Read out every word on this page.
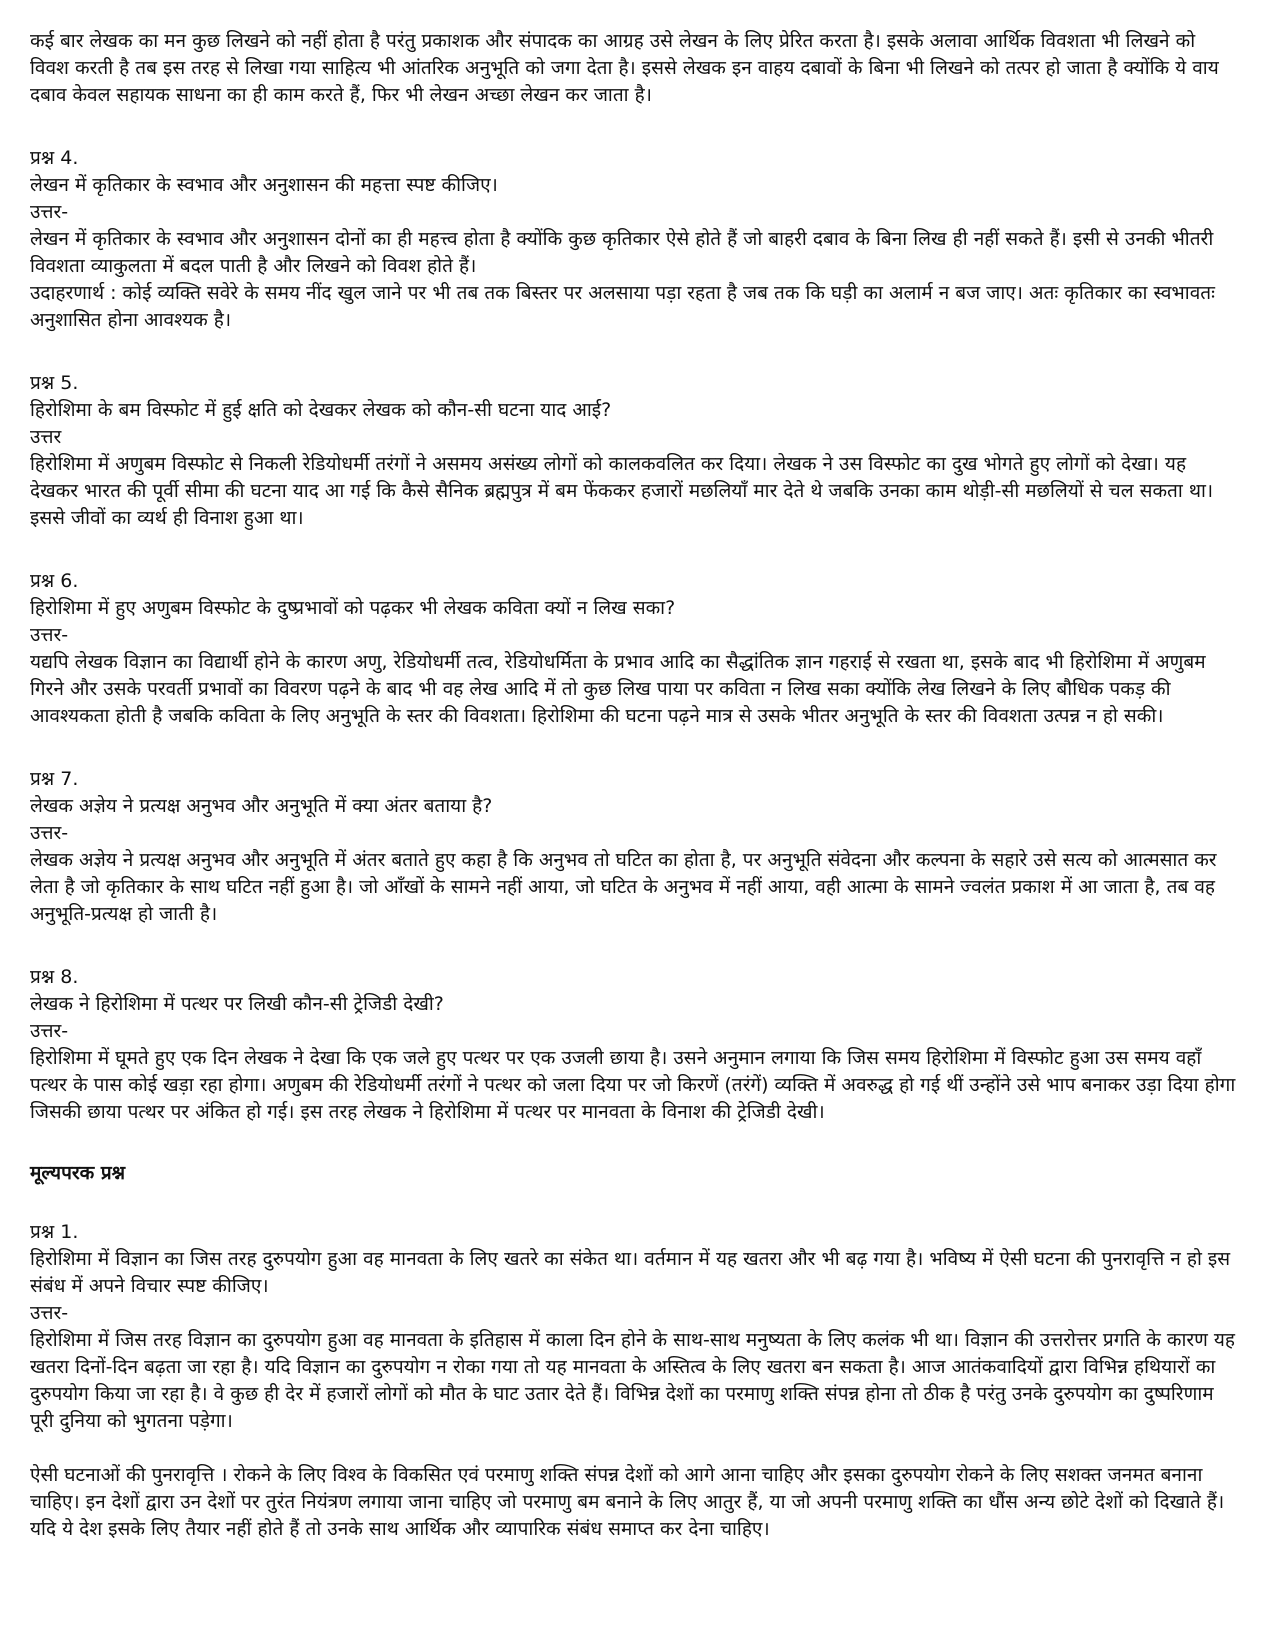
कई बार लेखक का मन कुछ लिखने को नहीं होता है परंतु प्रकाशक और संपादक का आग्रह उसे लेखन के लिए प्रेरित करता है। इसके अलावा आर्थिक विवशता भी लिखने को विवश करती है तब इस तरह से लिखा गया साहित्य भी आंतरिक अनुभूति को जगा देता है। इससे लेखक इन वाहय दबावों के बिना भी लिखने को तत्पर हो जाता है क्योंकि ये वाय दबाव केवल सहायक साधना का ही काम करते हैं, फिर भी लेखन अच्छा लेखन कर जाता है।

प्रश्न 4.

लेखन में कृतिकार के स्वभाव और अनुशासन की महत्ता स्पष्ट कीजिए।

उत्तर-

लेखन में कृतिकार के स्वभाव और अनुशासन दोनों का ही महत्त्व होता है क्योंकि कुछ कृतिकार ऐसे होते हैं जो बाहरी दबाव के बिना लिख ही नहीं सकते हैं। इसी से उनकी भीतरी विवशता व्याकुलता में बदल पाती है और लिखने को विवश होते हैं।

उदाहरणार्थ : कोई व्यक्ति सवेरे के समय नींद खुल जाने पर भी तब तक बिस्तर पर अलसाया पड़ा रहता है जब तक कि घड़ी का अलार्म न बज जाए। अतः कृतिकार का स्वभावतः अनुशासित होना आवश्यक है।

प्रश्न 5.

हिरोशिमा के बम विस्फोट में हुई क्षति को देखकर लेखक को कौन-सी घटना याद आई?

उत्तर

हिरोशिमा में अणुबम विस्फोट से निकली रेडियोधर्मी तरंगों ने असमय असंख्य लोगों को कालकवलित कर दिया। लेखक ने उस विस्फोट का दुख भोगते हुए लोगों को देखा। यह देखकर भारत की पूर्वी सीमा की घटना याद आ गई कि कैसे सैनिक ब्रह्मपुत्र में बम फेंककर हजारों मछलियाँ मार देते थे जबकि उनका काम थोड़ी-सी मछलियों से चल सकता था। इससे जीवों का व्यर्थ ही विनाश हुआ था।

प्रश्न 6.

हिरोशिमा में हुए अणुबम विस्फोट के दुष्प्रभावों को पढ़कर भी लेखक कविता क्यों न लिख सका?

उत्तर-

यद्यपि लेखक विज्ञान का विद्यार्थी होने के कारण अणु, रेडियोधर्मी तत्व, रेडियोधर्मिता के प्रभाव आदि का सैद्धांतिक ज्ञान गहराई से रखता था, इसके बाद भी हिरोशिमा में अणुबम गिरने और उसके परवर्ती प्रभावों का विवरण पढ़ने के बाद भी वह लेख आदि में तो कुछ लिख पाया पर कविता न लिख सका क्योंकि लेख लिखने के लिए बौधिक पकड़ की आवश्यकता होती है जबकि कविता के लिए अनुभूति के स्तर की विवशता। हिरोशिमा की घटना पढ़ने मात्र से उसके भीतर अनुभूति के स्तर की विवशता उत्पन्न न हो सकी।

प्रश्न 7.

लेखक अज्ञेय ने प्रत्यक्ष अनुभव और अनुभूति में क्या अंतर बताया है?

उत्तर-

लेखक अज्ञेय ने प्रत्यक्ष अनुभव और अनुभूति में अंतर बताते हुए कहा है कि अनुभव तो घटित का होता है, पर अनुभूति संवेदना और कल्पना के सहारे उसे सत्य को आत्मसात कर लेता है जो कृतिकार के साथ घटित नहीं हुआ है। जो आँखों के सामने नहीं आया, जो घटित के अनुभव में नहीं आया, वही आत्मा के सामने ज्वलंत प्रकाश में आ जाता है, तब वह अनुभूति-प्रत्यक्ष हो जाती है।

प्रश्न 8.

लेखक ने हिरोशिमा में पत्थर पर लिखी कौन-सी ट्रेजिडी देखी?

उत्तर-

हिरोशिमा में घूमते हुए एक दिन लेखक ने देखा कि एक जले हुए पत्थर पर एक उजली छाया है। उसने अनुमान लगाया कि जिस समय हिरोशिमा में विस्फोट हुआ उस समय वहाँ पत्थर के पास कोई खड़ा रहा होगा। अणुबम की रेडियोधर्मी तरंगों ने पत्थर को जला दिया पर जो किरणें (तरंगें) व्यक्ति में अवरुद्ध हो गई थीं उन्होंने उसे भाप बनाकर उड़ा दिया होगा जिसकी छाया पत्थर पर अंकित हो गई। इस तरह लेखक ने हिरोशिमा में पत्थर पर मानवता के विनाश की ट्रेजिडी देखी।

मूल्यपरक प्रश्न

प्रश्न 1.

हिरोशिमा में विज्ञान का जिस तरह दुरुपयोग हुआ वह मानवता के लिए खतरे का संकेत था। वर्तमान में यह खतरा और भी बढ़ गया है। भविष्य में ऐसी घटना की पुनरावृत्ति न हो इस संबंध में अपने विचार स्पष्ट कीजिए।

उत्तर-

हिरोशिमा में जिस तरह विज्ञान का दुरुपयोग हुआ वह मानवता के इतिहास में काला दिन होने के साथ-साथ मनुष्यता के लिए कलंक भी था। विज्ञान की उत्तरोत्तर प्रगति के कारण यह खतरा दिनों-दिन बढ़ता जा रहा है। यदि विज्ञान का दुरुपयोग न रोका गया तो यह मानवता के अस्तित्व के लिए खतरा बन सकता है। आज आतंकवादियों द्वारा विभिन्न हथियारों का दुरुपयोग किया जा रहा है। वे कुछ ही देर में हजारों लोगों को मौत के घाट उतार देते हैं। विभिन्न देशों का परमाणु शक्ति संपन्न होना तो ठीक है परंतु उनके दुरुपयोग का दुष्परिणाम पूरी दुनिया को भुगतना पड़ेगा।

ऐसी घटनाओं की पुनरावृत्ति । रोकने के लिए विश्व के विकसित एवं परमाणु शक्ति संपन्न देशों को आगे आना चाहिए और इसका दुरुपयोग रोकने के लिए सशक्त जनमत बनाना चाहिए। इन देशों द्वारा उन देशों पर तुरंत नियंत्रण लगाया जाना चाहिए जो परमाणु बम बनाने के लिए आतुर हैं, या जो अपनी परमाणु शक्ति का धौंस अन्य छोटे देशों को दिखाते हैं। यदि ये देश इसके लिए तैयार नहीं होते हैं तो उनके साथ आर्थिक और व्यापारिक संबंध समाप्त कर देना चाहिए।
